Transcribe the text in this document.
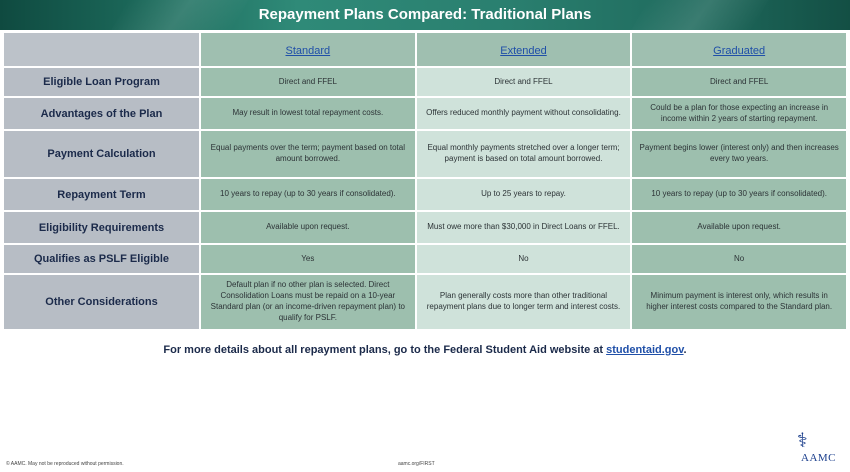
Repayment Plans Compared: Traditional Plans
	Standard	Extended	Graduated
Eligible Loan Program	Direct and FFEL	Direct and FFEL	Direct and FFEL
Advantages of the Plan	May result in lowest total repayment costs.	Offers reduced monthly payment without consolidating.	Could be a plan for those expecting an increase in income within 2 years of starting repayment.
Payment Calculation	Equal payments over the term; payment based on total amount borrowed.	Equal monthly payments stretched over a longer term; payment is based on total amount borrowed.	Payment begins lower (interest only) and then increases every two years.
Repayment Term	10 years to repay (up to 30 years if consolidated).	Up to 25 years to repay.	10 years to repay (up to 30 years if consolidated).
Eligibility Requirements	Available upon request.	Must owe more than $30,000 in Direct Loans or FFEL.	Available upon request.
Qualifies as PSLF Eligible	Yes	No	No
Other Considerations	Default plan if no other plan is selected. Direct Consolidation Loans must be repaid on a 10-year Standard plan (or an income-driven repayment plan) to qualify for PSLF.	Plan generally costs more than other traditional repayment plans due to longer term and interest costs.	Minimum payment is interest only, which results in higher interest costs compared to the Standard plan.
For more details about all repayment plans, go to the Federal Student Aid website at studentaid.gov.
© AAMC. May not be reproduced without permission.	aamc.org/FIRST
⚕
AAMC
